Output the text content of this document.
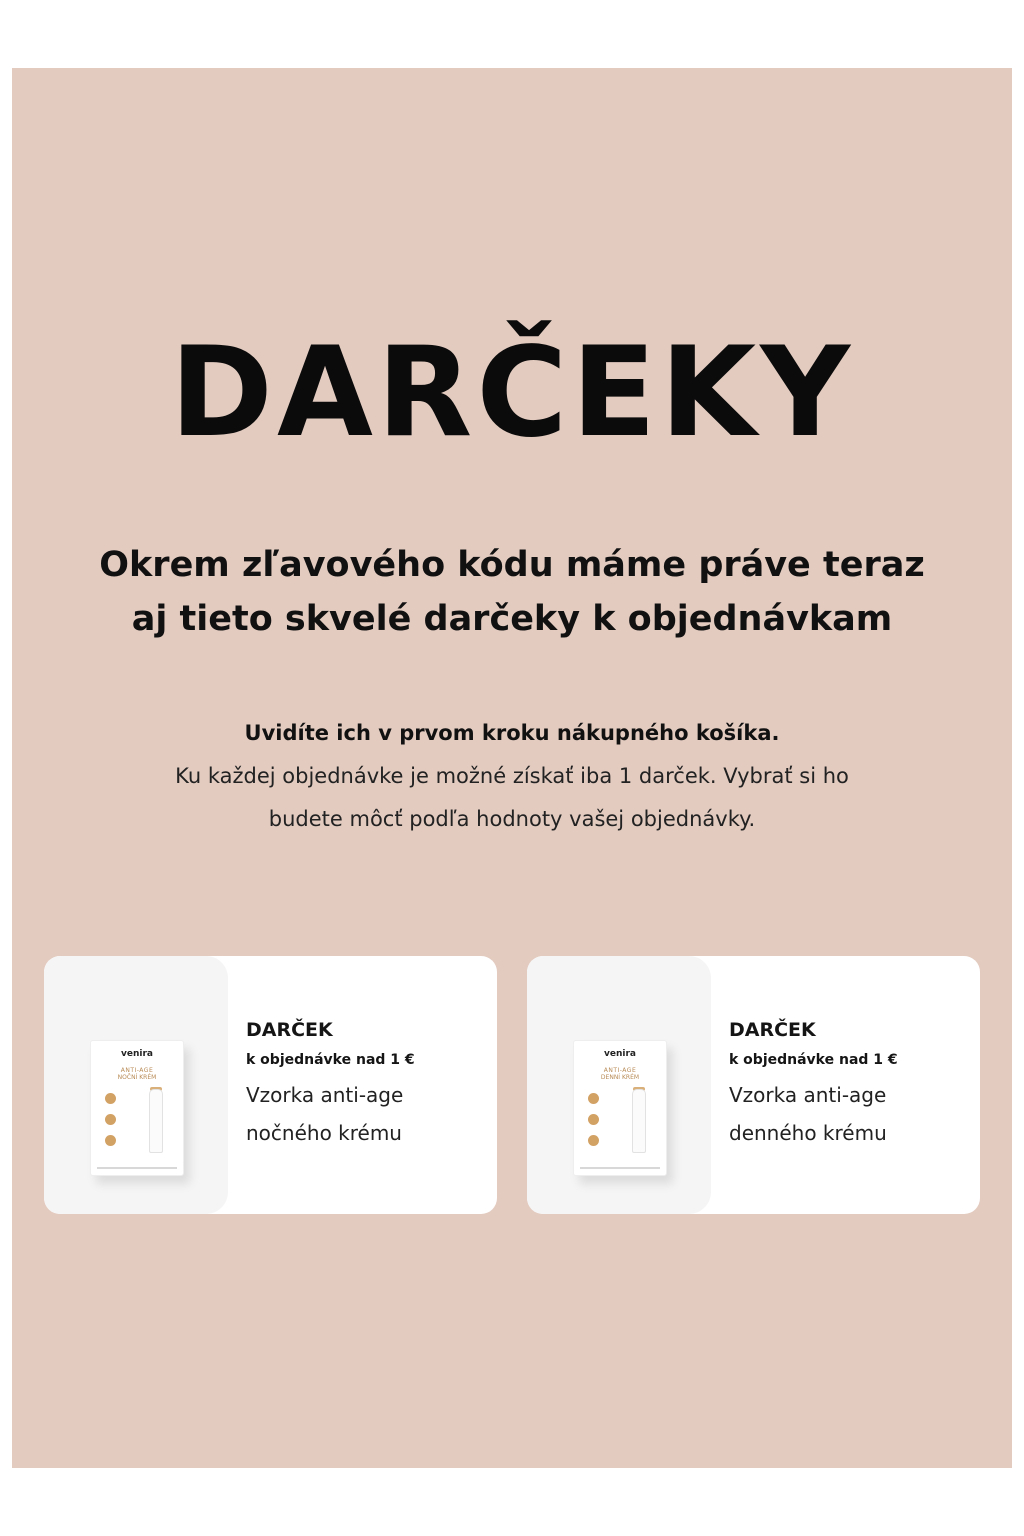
DARČEKY
Okrem zľavového kódu máme práve teraz
aj tieto skvelé darčeky k objednávkam
Uvidíte ich v prvom kroku nákupného košíka.
Ku každej objednávke je možné získať iba 1 darček. Vybrať si ho
budete môcť podľa hodnoty vašej objednávky.
venira
ANTI-AGE
NOČNÍ KRÉM
DARČEK
k objednávke nad 1 €
Vzorka anti-age
nočného krému
venira
ANTI-AGE
DENNÍ KRÉM
DARČEK
k objednávke nad 1 €
Vzorka anti-age
denného krému
